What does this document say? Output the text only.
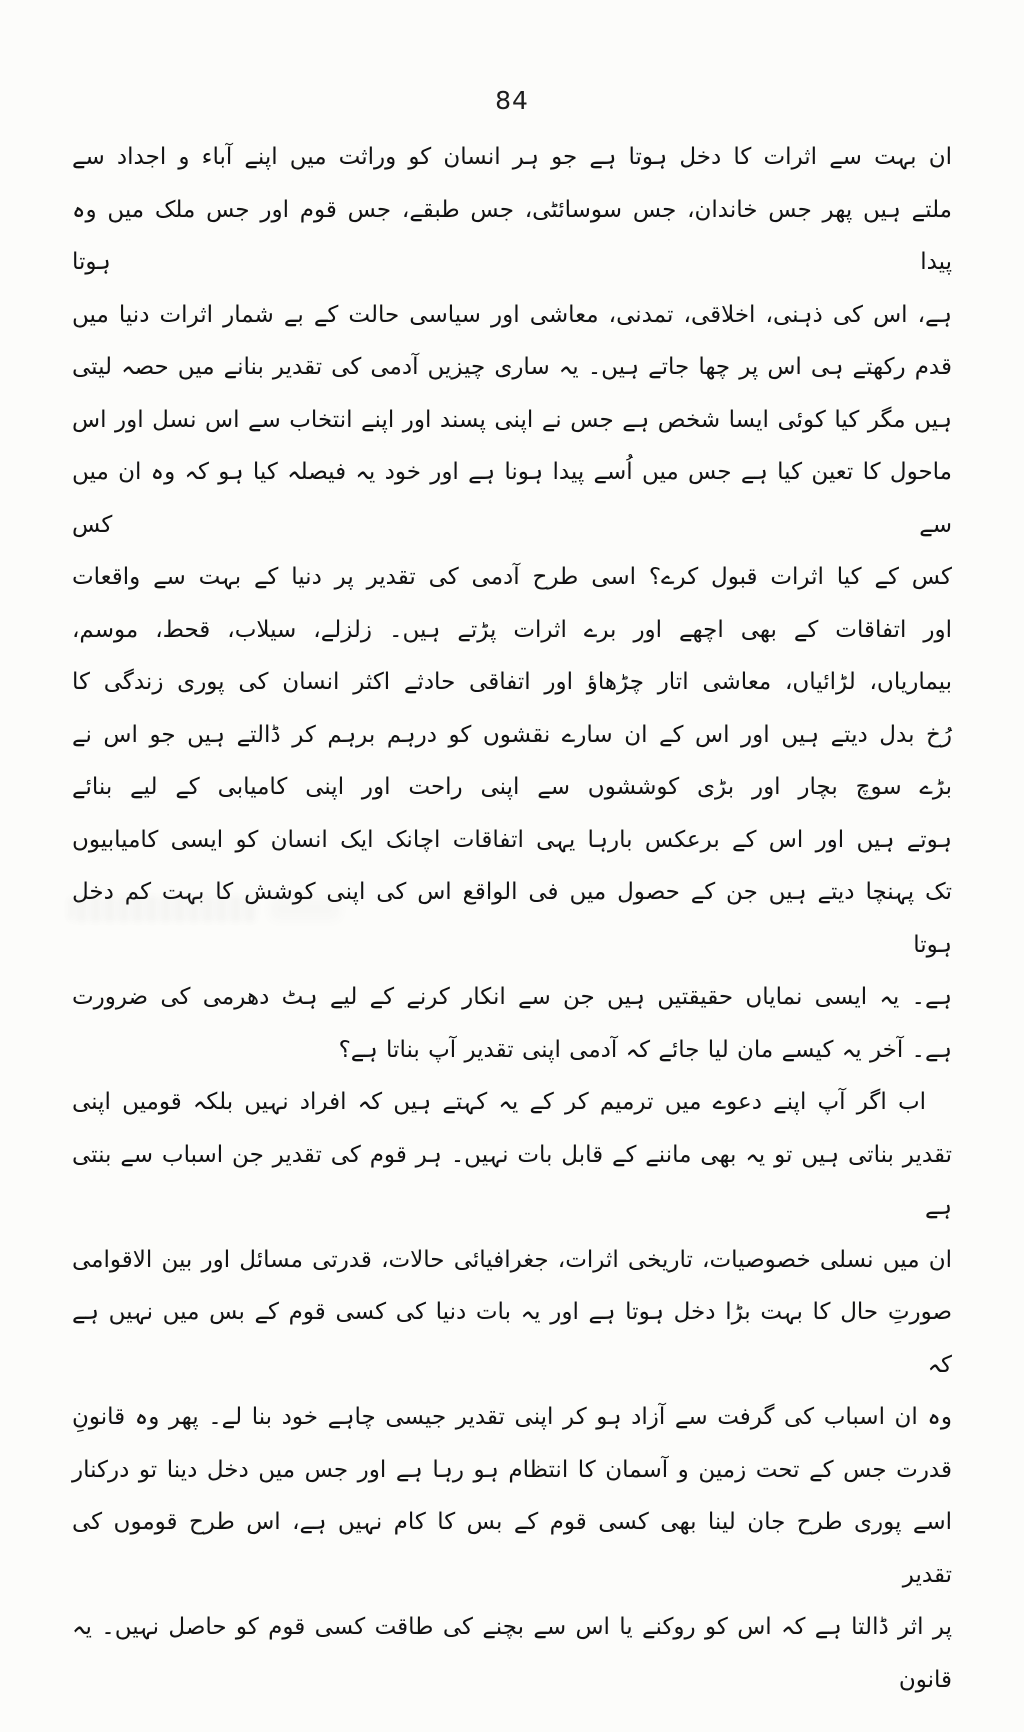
84

ان بہت سے اثرات کا دخل ہوتا ہے جو ہر انسان کو وراثت میں اپنے آباء و اجداد سے

ملتے ہیں پھر جس خاندان، جس سوسائٹی، جس طبقے، جس قوم اور جس ملک میں وہ پیدا ہوتا

ہے، اس کی ذہنی، اخلاقی، تمدنی، معاشی اور سیاسی حالت کے بے شمار اثرات دنیا میں

قدم رکھتے ہی اس پر چھا جاتے ہیں۔ یہ ساری چیزیں آدمی کی تقدیر بنانے میں حصہ لیتی

ہیں مگر کیا کوئی ایسا شخص ہے جس نے اپنی پسند اور اپنے انتخاب سے اس نسل اور اس

ماحول کا تعین کیا ہے جس میں اُسے پیدا ہونا ہے اور خود یہ فیصلہ کیا ہو کہ وہ ان میں سے کس

کس کے کیا اثرات قبول کرے؟ اسی طرح آدمی کی تقدیر پر دنیا کے بہت سے واقعات

اور اتفاقات کے بھی اچھے اور برے اثرات پڑتے ہیں۔ زلزلے، سیلاب، قحط، موسم،

بیماریاں، لڑائیاں، معاشی اتار چڑھاؤ اور اتفاقی حادثے اکثر انسان کی پوری زندگی کا

رُخ بدل دیتے ہیں اور اس کے ان سارے نقشوں کو درہم برہم کر ڈالتے ہیں جو اس نے

بڑے سوچ بچار اور بڑی کوششوں سے اپنی راحت اور اپنی کامیابی کے لیے بنائے

ہوتے ہیں اور اس کے برعکس بارہا یہی اتفاقات اچانک ایک انسان کو ایسی کامیابیوں

تک پہنچا دیتے ہیں جن کے حصول میں فی الواقع اس کی اپنی کوشش کا بہت کم دخل ہوتا

ہے۔ یہ ایسی نمایاں حقیقتیں ہیں جن سے انکار کرنے کے لیے ہٹ دھرمی کی ضرورت

ہے۔ آخر یہ کیسے مان لیا جائے کہ آدمی اپنی تقدیر آپ بناتا ہے؟

اب اگر آپ اپنے دعوے میں ترمیم کر کے یہ کہتے ہیں کہ افراد نہیں بلکہ قومیں اپنی

تقدیر بناتی ہیں تو یہ بھی ماننے کے قابل بات نہیں۔ ہر قوم کی تقدیر جن اسباب سے بنتی ہے

ان میں نسلی خصوصیات، تاریخی اثرات، جغرافیائی حالات، قدرتی مسائل اور بین الاقوامی

صورتِ حال کا بہت بڑا دخل ہوتا ہے اور یہ بات دنیا کی کسی قوم کے بس میں نہیں ہے کہ

وہ ان اسباب کی گرفت سے آزاد ہو کر اپنی تقدیر جیسی چاہے خود بنا لے۔ پھر وہ قانونِ

قدرت جس کے تحت زمین و آسمان کا انتظام ہو رہا ہے اور جس میں دخل دینا تو درکنار

اسے پوری طرح جان لینا بھی کسی قوم کے بس کا کام نہیں ہے، اس طرح قوموں کی تقدیر

پر اثر ڈالتا ہے کہ اس کو روکنے یا اس سے بچنے کی طاقت کسی قوم کو حاصل نہیں۔ یہ قانون
